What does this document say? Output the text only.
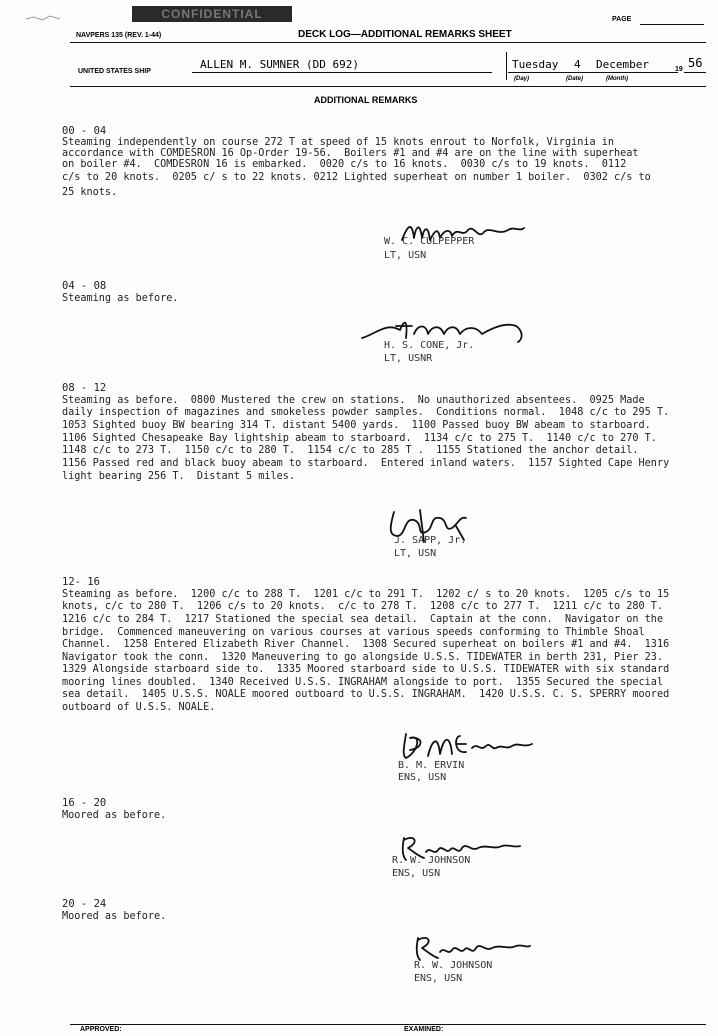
CONFIDENTIAL
NAVPERS 135 (REV. 1-44)	DECK LOG—ADDITIONAL REMARKS SHEET
PAGE
UNITED STATES SHIP
ALLEN M. SUMNER (DD 692)	Tuesday 4 December	19 56
(Day)	(Date)	(Month)
ADDITIONAL REMARKS
00 - 04
Steaming independently on course 272 T at speed of 15 knots enrout to Norfolk, Virginia in
accordance with COMDESRON 16 Op-Order 19-56.  Boilers #1 and #4 are on the line with superheat
on boiler #4.  COMDESRON 16 is embarked.  0020 c/s to 16 knots.  0030 c/s to 19 knots.  0112
c/s to 20 knots.  0205 c/ s to 22 knots. 0212 Lighted superheat on number 1 boiler.  0302 c/s to
25 knots.
W. C. CULPEPPER
LT, USN
04 - 08
Steaming as before.
H. S. CONE, Jr.
LT, USNR
08 - 12
Steaming as before.  0800 Mustered the crew on stations.  No unauthorized absentees.  0925 Made
daily inspection of magazines and smokeless powder samples.  Conditions normal.  1048 c/c to 295 T.
1053 Sighted buoy BW bearing 314 T. distant 5400 yards.  1100 Passed buoy BW abeam to starboard.
1106 Sighted Chesapeake Bay lightship abeam to starboard.  1134 c/c to 275 T.  1140 c/c to 270 T.
1148 c/c to 273 T.  1150 c/c to 280 T.  1154 c/c to 285 T .  1155 Stationed the anchor detail.
1156 Passed red and black buoy abeam to starboard.  Entered inland waters.  1157 Sighted Cape Henry
light bearing 256 T.  Distant 5 miles.
J. SAPP, Jr.
LT, USN
12- 16
Steaming as before.  1200 c/c to 288 T.  1201 c/c to 291 T.  1202 c/ s to 20 knots.  1205 c/s to 15
knots, c/c to 280 T.  1206 c/s to 20 knots.  c/c to 278 T.  1208 c/c to 277 T.  1211 c/c to 280 T.
1216 c/c to 284 T.  1217 Stationed the special sea detail.  Captain at the conn.  Navigator on the
bridge.  Commenced maneuvering on various courses at various speeds conforming to Thimble Shoal
Channel.  1258 Entered Elizabeth River Channel.  1308 Secured superheat on boilers #1 and #4.  1316
Navigator took the conn.  1320 Maneuvering to go alongside U.S.S. TIDEWATER in berth 231, Pier 23.
1329 Alongside starboard side to.  1335 Moored starboard side to U.S.S. TIDEWATER with six standard
mooring lines doubled.  1340 Received U.S.S. INGRAHAM alongside to port.  1355 Secured the special
sea detail.  1405 U.S.S. NOALE moored outboard to U.S.S. INGRAHAM.  1420 U.S.S. C. S. SPERRY moored
outboard of U.S.S. NOALE.
B. M. ERVIN
ENS, USN
16 - 20
Moored as before.
R. W. JOHNSON
ENS, USN
20 - 24
Moored as before.
R. W. JOHNSON
ENS, USN
APPROVED:	EXAMINED:
